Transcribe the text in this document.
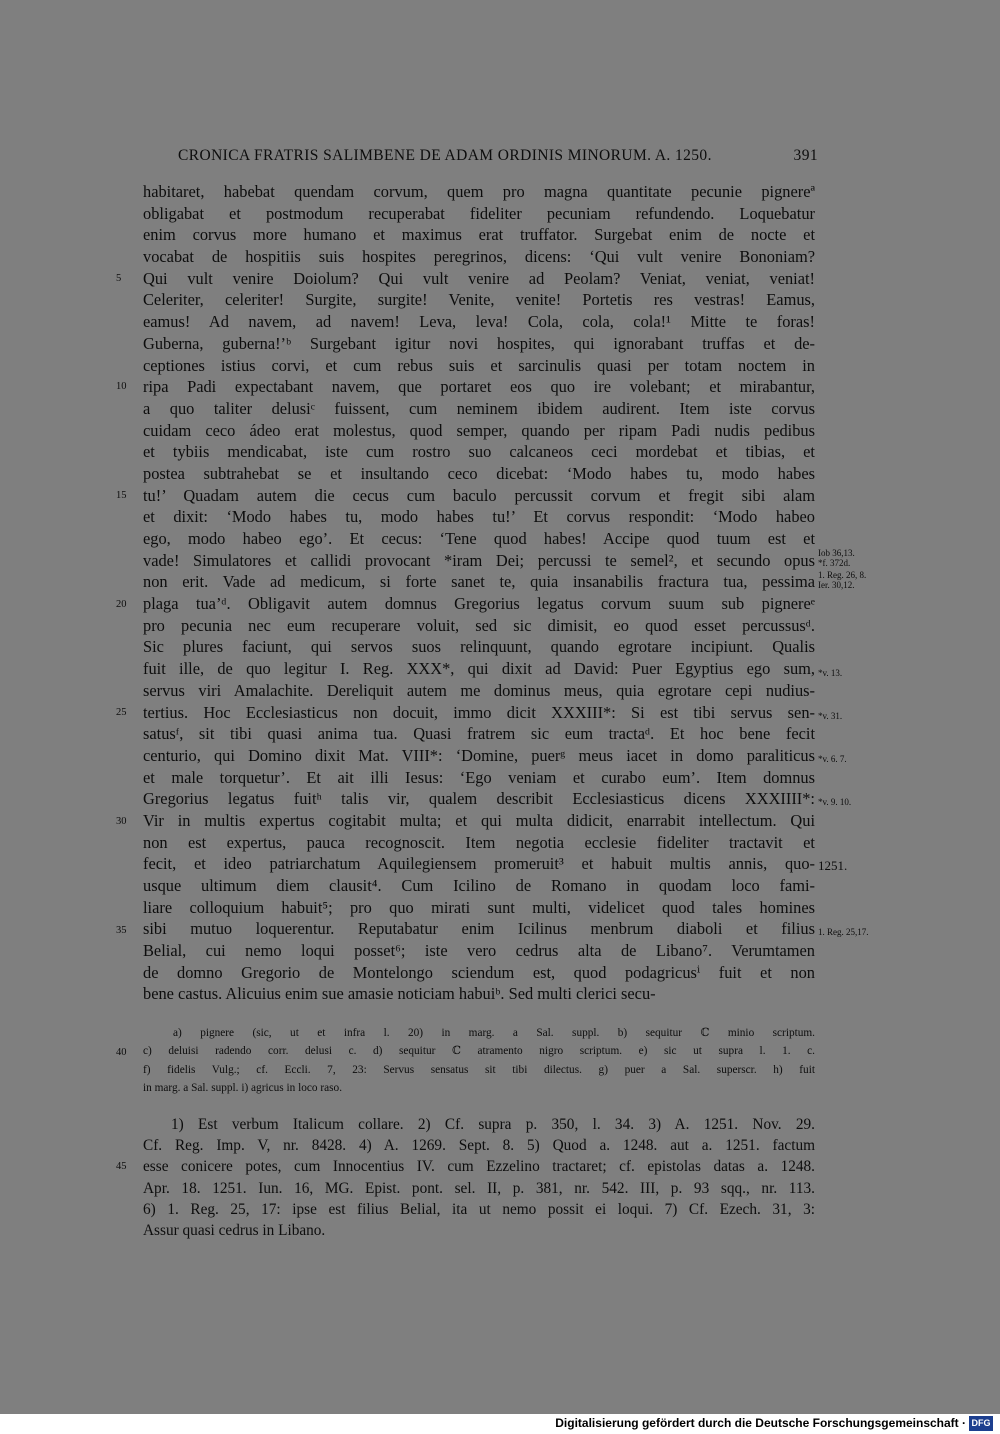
CRONICA FRATRIS SALIMBENE DE ADAM ORDINIS MINORUM. A. 1250.	391
habitaret, habebat quendam corvum, quem pro magna quantitate pecunie pignereª
obligabat et postmodum recuperabat fideliter pecuniam refundendo. Loquebatur
enim corvus more humano et maximus erat truffator. Surgebat enim de nocte et
vocabat de hospitiis suis hospites peregrinos, dicens: ‘Qui vult venire Bononiam?
Qui vult venire Doiolum? Qui vult venire ad Peolam? Veniat, veniat, veniat!
Celeriter, celeriter! Surgite, surgite! Venite, venite! Portetis res vestras! Eamus,
eamus! Ad navem, ad navem! Leva, leva! Cola, cola, cola!¹ Mitte te foras!
Guberna, guberna!’ᵇ Surgebant igitur novi hospites, qui ignorabant truffas et de-
ceptiones istius corvi, et cum rebus suis et sarcinulis quasi per totam noctem in
ripa Padi expectabant navem, que portaret eos quo ire volebant; et mirabantur,
a quo taliter delusiᶜ fuissent, cum neminem ibidem audirent. Item iste corvus
cuidam ceco ádeo erat molestus, quod semper, quando per ripam Padi nudis pedibus
et tybiis mendicabat, iste cum rostro suo calcaneos ceci mordebat et tibias, et
postea subtrahebat se et insultando ceco dicebat: ‘Modo habes tu, modo habes
tu!’ Quadam autem die cecus cum baculo percussit corvum et fregit sibi alam
et dixit: ‘Modo habes tu, modo habes tu!’ Et corvus respondit: ‘Modo habeo
ego, modo habeo ego’. Et cecus: ‘Tene quod habes! Accipe quod tuum est et
vade! Simulatores et callidi provocant *iram Dei; percussi te semel², et secundo opus
non erit. Vade ad medicum, si forte sanet te, quia insanabilis fractura tua, pessima
plaga tua’ᵈ. Obligavit autem domnus Gregorius legatus corvum suum sub pignereᵉ
pro pecunia nec eum recuperare voluit, sed sic dimisit, eo quod esset percussusᵈ.
Sic plures faciunt, qui servos suos relinquunt, quando egrotare incipiunt. Qualis
fuit ille, de quo legitur I. Reg. XXX*, qui dixit ad David: Puer Egyptius ego sum,
servus viri Amalachite. Dereliquit autem me dominus meus, quia egrotare cepi nudius-
tertius. Hoc Ecclesiasticus non docuit, immo dicit XXXIII*: Si est tibi servus sen-
satusᶠ, sit tibi quasi anima tua. Quasi fratrem sic eum tractaᵈ. Et hoc bene fecit
centurio, qui Domino dixit Mat. VIII*: ‘Domine, puerᵍ meus iacet in domo paraliticus
et male torquetur’. Et ait illi Iesus: ‘Ego veniam et curabo eum’. Item domnus
Gregorius legatus fuitʰ talis vir, qualem describit Ecclesiasticus dicens XXXIIII*:
Vir in multis expertus cogitabit multa; et qui multa didicit, enarrabit intellectum. Qui
non est expertus, pauca recognoscit. Item negotia ecclesie fideliter tractavit et
fecit, et ideo patriarchatum Aquilegiensem promeruit³ et habuit multis annis, quo-
usque ultimum diem clausit⁴. Cum Icilino de Romano in quodam loco fami-
liare colloquium habuit⁵; pro quo mirati sunt multi, videlicet quod tales homines
sibi mutuo loquerentur. Reputabatur enim Icilinus menbrum diaboli et filius
Belial, cui nemo loqui posset⁶; iste vero cedrus alta de Libano⁷. Verumtamen
de domno Gregorio de Montelongo sciendum est, quod podagricusⁱ fuit et non
bene castus. Alicuius enim sue amasie noticiam habuiᵇ. Sed multi clerici secu-
5
10
15
20
25
30
35
40
45
Iob 36,13.
*f. 372d.
1. Reg. 26, 8.
Ier. 30,12.
*v. 13.
*v. 31.
*v. 6. 7.
*v. 9. 10.
1251.
1. Reg. 25,17.
a) pignere (sic, ut et infra l. 20) in marg. a Sal. suppl. b) sequitur ℂ minio scriptum.
c) deluisi radendo corr. delusi c. d) sequitur ℂ atramento nigro scriptum. e) sic ut supra l. 1. c.
f) fidelis Vulg.; cf. Eccli. 7, 23: Servus sensatus sit tibi dilectus. g) puer a Sal. superscr. h) fuit
in marg. a Sal. suppl. i) agricus in loco raso.
1) Est verbum Italicum collare. 2) Cf. supra p. 350, l. 34. 3) A. 1251. Nov. 29.
Cf. Reg. Imp. V, nr. 8428. 4) A. 1269. Sept. 8. 5) Quod a. 1248. aut a. 1251. factum
esse conicere potes, cum Innocentius IV. cum Ezzelino tractaret; cf. epistolas datas a. 1248.
Apr. 18. 1251. Iun. 16, MG. Epist. pont. sel. II, p. 381, nr. 542. III, p. 93 sqq., nr. 113.
6) 1. Reg. 25, 17: ipse est filius Belial, ita ut nemo possit ei loqui. 7) Cf. Ezech. 31, 3:
Assur quasi cedrus in Libano.
Digitalisierung gefördert durch die Deutsche Forschungsgemeinschaft · DFG
